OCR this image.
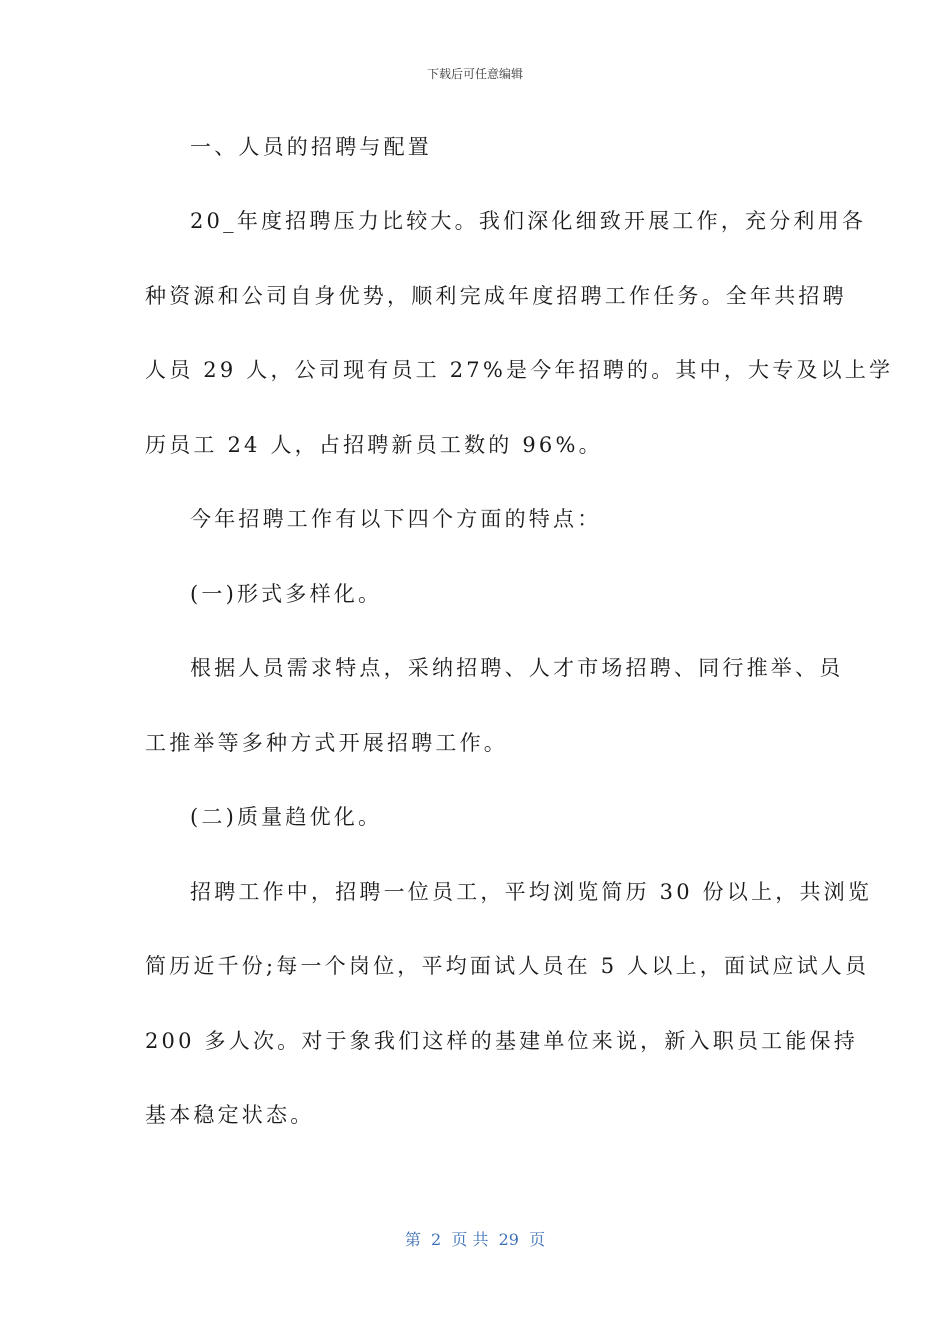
下载后可任意编辑
一、人员的招聘与配置
20_年度招聘压力比较大。我们深化细致开展工作，充分利用各
种资源和公司自身优势，顺利完成年度招聘工作任务。全年共招聘
人员 29 人，公司现有员工 27%是今年招聘的。其中，大专及以上学
历员工 24 人，占招聘新员工数的 96%。
今年招聘工作有以下四个方面的特点：
(一)形式多样化。
根据人员需求特点，采纳招聘、人才市场招聘、同行推举、员
工推举等多种方式开展招聘工作。
(二)质量趋优化。
招聘工作中，招聘一位员工，平均浏览简历 30 份以上，共浏览
简历近千份;每一个岗位，平均面试人员在 5 人以上，面试应试人员
200 多人次。对于象我们这样的基建单位来说，新入职员工能保持
基本稳定状态。
第  2  页 共  29  页
